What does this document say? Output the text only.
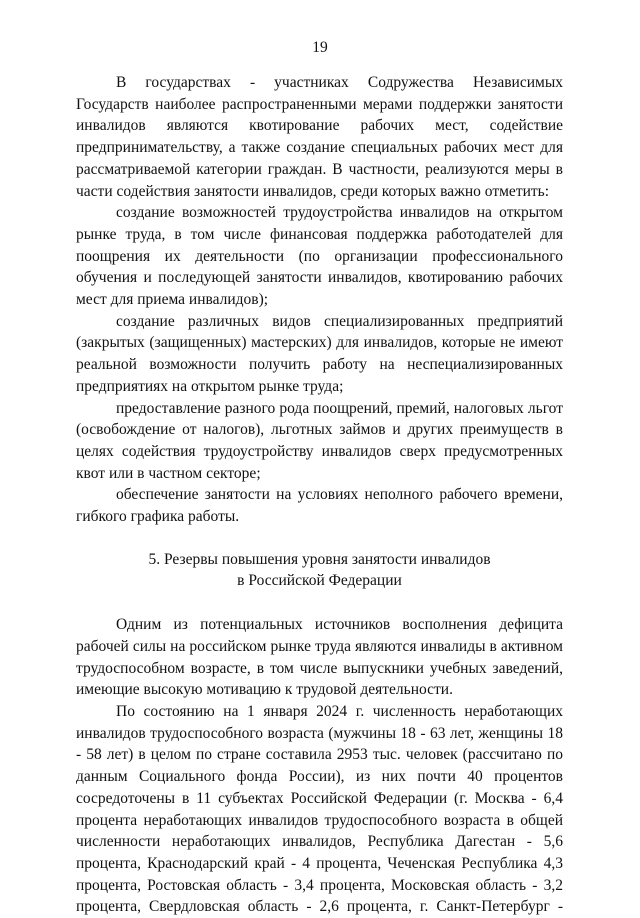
19

В государствах - участниках Содружества Независимых Государств наиболее распространенными мерами поддержки занятости инвалидов являются квотирование рабочих мест, содействие предпринимательству, а также создание специальных рабочих мест для рассматриваемой категории граждан. В частности, реализуются меры в части содействия занятости инвалидов, среди которых важно отметить:

создание возможностей трудоустройства инвалидов на открытом рынке труда, в том числе финансовая поддержка работодателей для поощрения их деятельности (по организации профессионального обучения и последующей занятости инвалидов, квотированию рабочих мест для приема инвалидов);

создание различных видов специализированных предприятий (закрытых (защищенных) мастерских) для инвалидов, которые не имеют реальной возможности получить работу на неспециализированных предприятиях на открытом рынке труда;

предоставление разного рода поощрений, премий, налоговых льгот (освобождение от налогов), льготных займов и других преимуществ в целях содействия трудоустройству инвалидов сверх предусмотренных квот или в частном секторе;

обеспечение занятости на условиях неполного рабочего времени, гибкого графика работы.

5. Резервы повышения уровня занятости инвалидов
в Российской Федерации

Одним из потенциальных источников восполнения дефицита рабочей силы на российском рынке труда являются инвалиды в активном трудоспособном возрасте, в том числе выпускники учебных заведений, имеющие высокую мотивацию к трудовой деятельности.

По состоянию на 1 января 2024 г. численность неработающих инвалидов трудоспособного возраста (мужчины 18 - 63 лет, женщины 18 - 58 лет) в целом по стране составила 2953 тыс. человек (рассчитано по данным Социального фонда России), из них почти 40 процентов сосредоточены в 11 субъектах Российской Федерации (г. Москва - 6,4 процента неработающих инвалидов трудоспособного возраста в общей численности неработающих инвалидов, Республика Дагестан - 5,6 процента, Краснодарский край - 4 процента, Чеченская Республика 4,3 процента, Ростовская область - 3,4 процента, Московская область - 3,2 процента, Свердловская область - 2,6 процента, г. Санкт-Петербург -
